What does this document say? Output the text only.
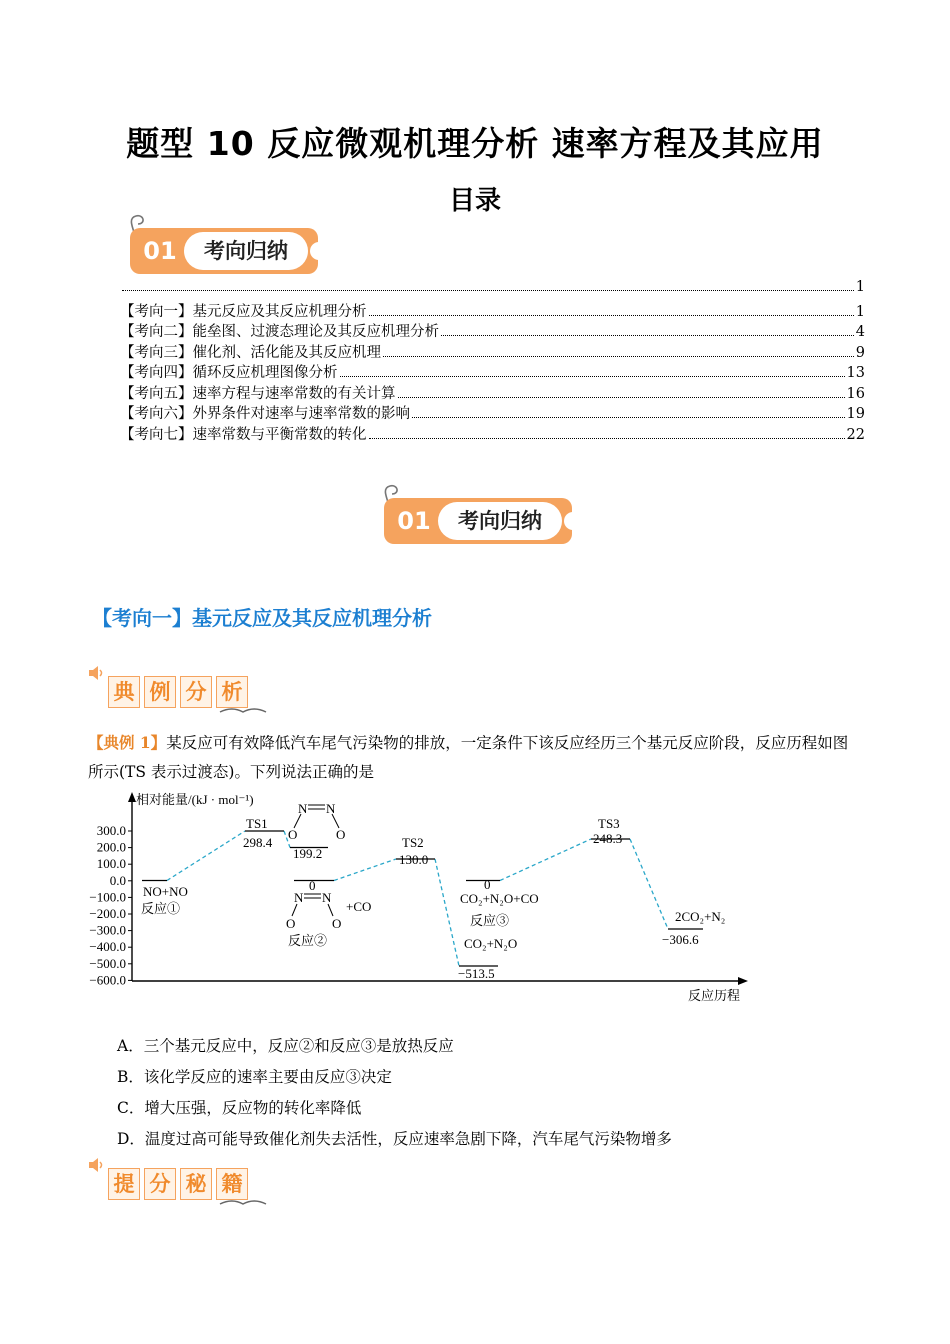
题型 10 反应微观机理分析 速率方程及其应用
目录
01	考向归纳
1
【考向一】基元反应及其反应机理分析	1
【考向二】能垒图、过渡态理论及其反应机理分析	4
【考向三】催化剂、活化能及其反应机理	9
【考向四】循环反应机理图像分析	13
【考向五】速率方程与速率常数的有关计算	16
【考向六】外界条件对速率与速率常数的影响	19
【考向七】速率常数与平衡常数的转化	22
01	考向归纳
【考向一】基元反应及其反应机理分析
典 例 分 析
【典例 1】某反应可有效降低汽车尾气污染物的排放，一定条件下该反应经历三个基元反应阶段，反应历程如图所示(TS 表示过渡态)。下列说法正确的是
相对能量/(kJ · mol⁻¹)
反应历程
300.0
200.0
100.0
0.0
−100.0
−200.0
−300.0
−400.0
−500.0
−600.0
TS1
298.4
199.2
TS2
130.0
TS3
248.3
−513.5
−306.6
NO+NO
反应①
0
+CO
反应②
0
CO₂+N₂O+CO
反应③
CO₂+N₂O
2CO₂+N₂
N N
O	O
N N
O	O
A．三个基元反应中，反应②和反应③是放热反应
B．该化学反应的速率主要由反应③决定
C．增大压强，反应物的转化率降低
D．温度过高可能导致催化剂失去活性，反应速率急剧下降，汽车尾气污染物增多
提 分 秘 籍
